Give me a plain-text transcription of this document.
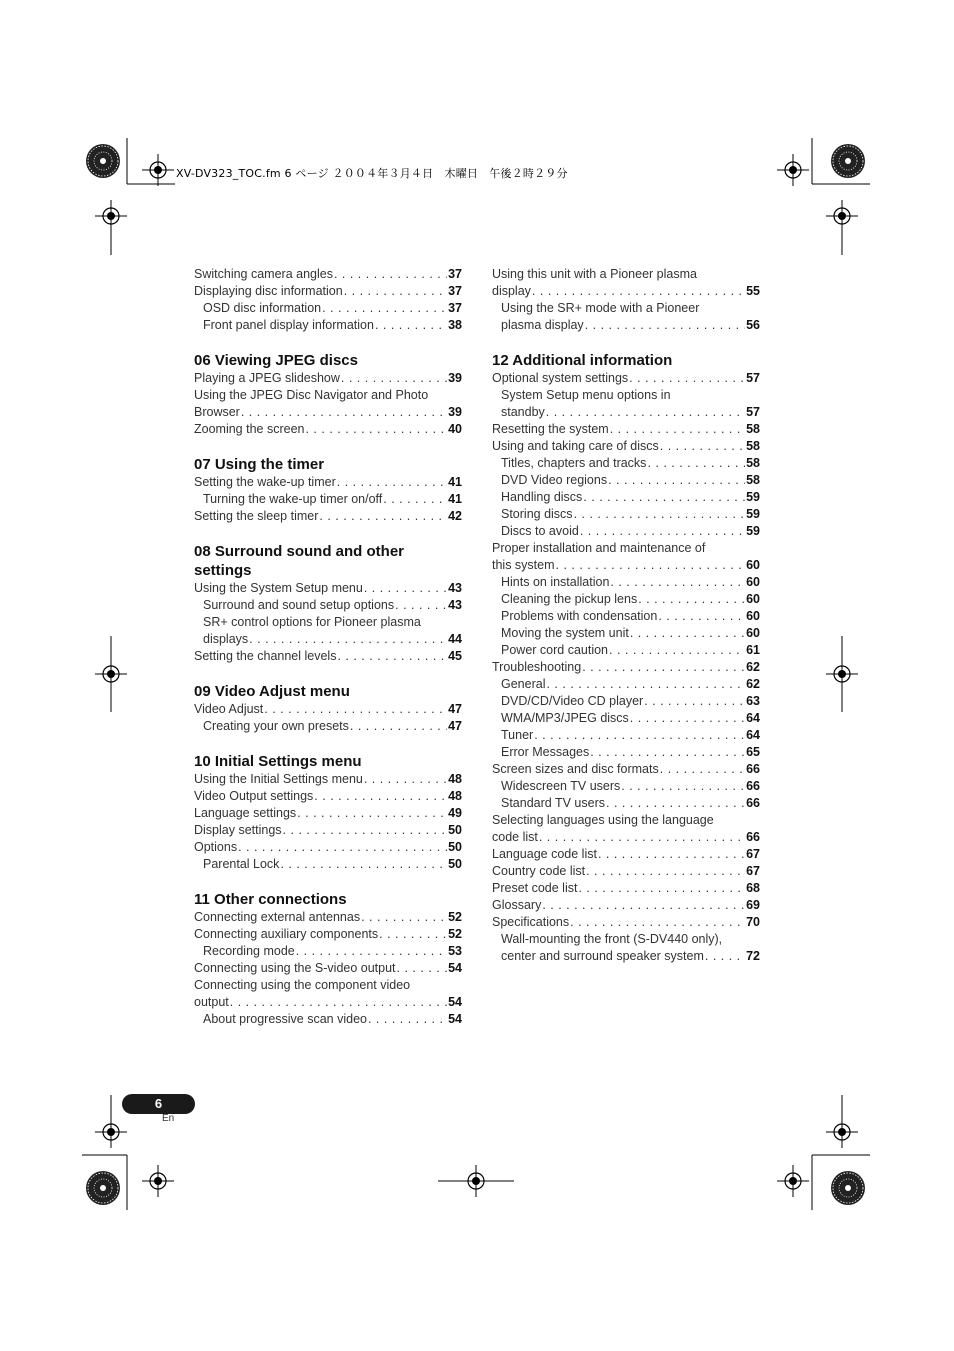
XV-DV323_TOC.fm 6 ページ ２００４年３月４日　木曜日　午後２時２９分
Switching camera angles . . .	37
Displaying disc information . . .	37
OSD disc information . . .	37
Front panel display information . . .	38
06 Viewing JPEG discs
Playing a JPEG slideshow . . .	39
Using the JPEG Disc Navigator and Photo
Browser . . .	39
Zooming the screen . . .	40
07 Using the timer
Setting the wake-up timer . . .	41
Turning the wake-up timer on/off . . .	41
Setting the sleep timer . . .	42
08 Surround sound and other settings
Using the System Setup menu . . .	43
Surround and sound setup options . . .	43
SR+ control options for Pioneer plasma
displays . . .	44
Setting the channel levels . . .	45
09 Video Adjust menu
Video Adjust . . .	47
Creating your own presets . . .	47
10 Initial Settings menu
Using the Initial Settings menu . . .	48
Video Output settings . . .	48
Language settings . . .	49
Display settings . . .	50
Options . . .	50
Parental Lock . . .	50
11 Other connections
Connecting external antennas . . .	52
Connecting auxiliary components . . .	52
Recording mode . . .	53
Connecting using the S-video output . . .	54
Connecting using the component video
output . . .	54
About progressive scan video . . .	54
Using this unit with a Pioneer plasma
display . . .	55
Using the SR+ mode with a Pioneer
plasma display . . .	56
12 Additional information
Optional system settings . . .	57
System Setup menu options in
standby . . .	57
Resetting the system . . .	58
Using and taking care of discs . . .	58
Titles, chapters and tracks . . .	58
DVD Video regions . . .	58
Handling discs . . .	59
Storing discs . . .	59
Discs to avoid . . .	59
Proper installation and maintenance of
this system . . .	60
Hints on installation . . .	60
Cleaning the pickup lens . . .	60
Problems with condensation . . .	60
Moving the system unit . . .	60
Power cord caution . . .	61
Troubleshooting . . .	62
General . . .	62
DVD/CD/Video CD player . . .	63
WMA/MP3/JPEG discs . . .	64
Tuner . . .	64
Error Messages . . .	65
Screen sizes and disc formats . . .	66
Widescreen TV users . . .	66
Standard TV users . . .	66
Selecting languages using the language
code list . . .	66
Language code list . . .	67
Country code list . . .	67
Preset code list . . .	68
Glossary . . .	69
Specifications . . .	70
Wall-mounting the front (S-DV440 only),
center and surround speaker system . . .	72
6
En
